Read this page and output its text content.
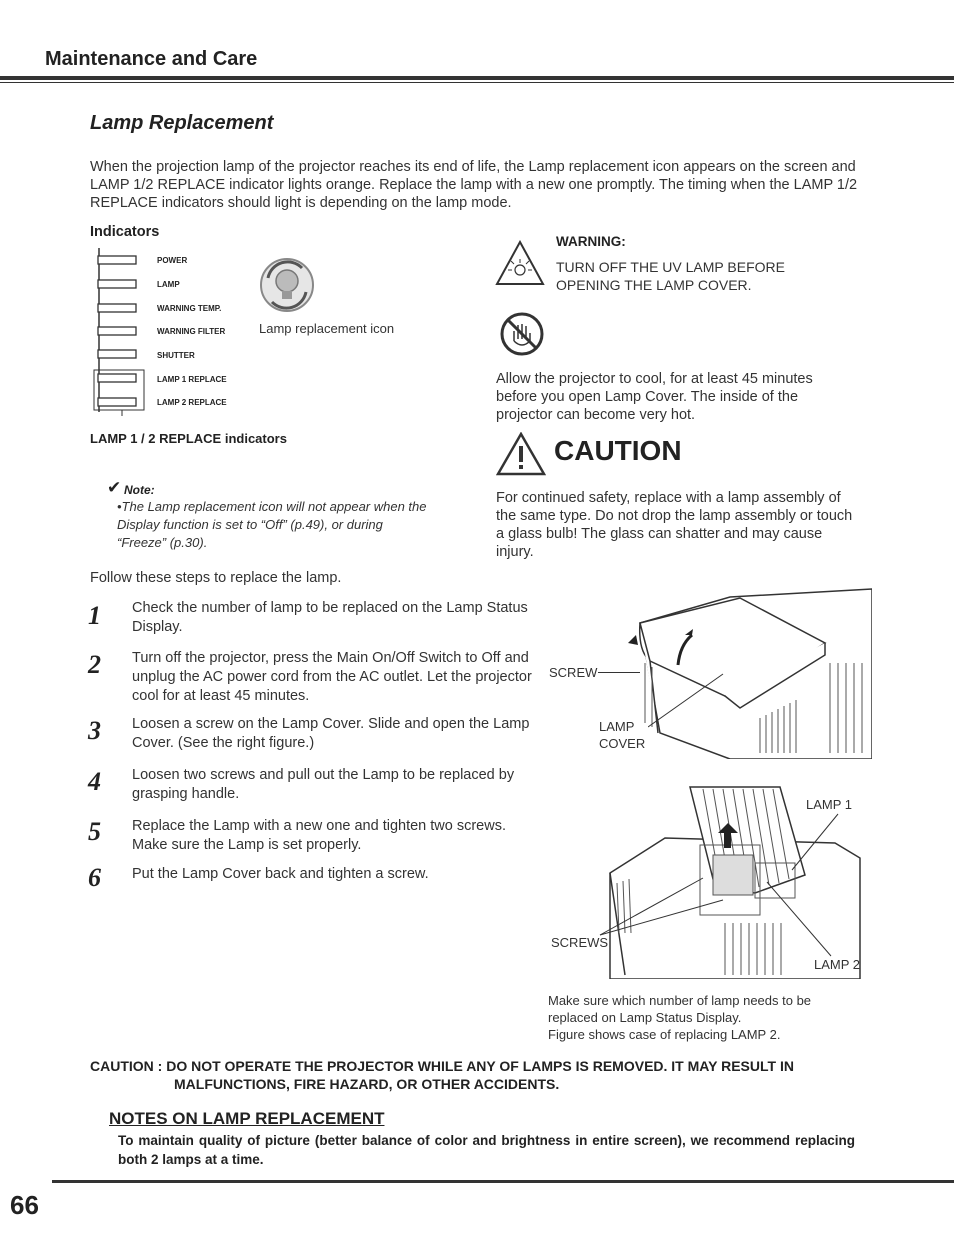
Maintenance and Care
Lamp Replacement
When the projection lamp of the projector reaches its end of life, the Lamp replacement icon appears on the screen and LAMP 1/2 REPLACE indicator lights orange. Replace the lamp with a new one promptly. The timing when the LAMP 1/2 REPLACE indicators should light is depending on the lamp mode.
Indicators
POWER
LAMP
WARNING TEMP.
WARNING FILTER
SHUTTER
LAMP 1 REPLACE
LAMP 2 REPLACE
Lamp replacement icon
LAMP 1 / 2 REPLACE indicators
✔ Note:
•The Lamp replacement icon will not appear when the Display function is set to “Off” (p.49), or during “Freeze” (p.30).
Follow these steps to replace the lamp.
WARNING:
TURN OFF THE UV LAMP BEFORE OPENING THE LAMP COVER.
Allow the projector to cool, for at least 45 minutes before you open Lamp Cover. The inside of the projector can become very hot.
CAUTION
For continued safety, replace with a lamp assembly of the same type. Do not drop the lamp assembly or touch a glass bulb! The glass can shatter and may cause injury.
1 Check the number of lamp to be replaced on the Lamp Status Display.
2 Turn off the projector, press the Main On/Off Switch to Off and unplug the AC power cord from the AC outlet. Let the projector cool for at least 45 minutes.
3 Loosen a screw on the Lamp Cover. Slide and open the Lamp Cover. (See the right figure.)
4 Loosen two screws and pull out the Lamp to be replaced by grasping handle.
5 Replace the Lamp with a new one and tighten two screws. Make sure the Lamp is set properly.
6 Put the Lamp Cover back and tighten a screw.
SCREW
LAMP
COVER
LAMP 1
SCREWS
LAMP 2
Make sure which number of lamp needs to be
replaced on Lamp Status Display.
Figure shows case of replacing LAMP 2.
CAUTION : DO NOT OPERATE THE PROJECTOR WHILE ANY OF LAMPS IS REMOVED. IT MAY RESULT IN
MALFUNCTIONS, FIRE HAZARD, OR OTHER ACCIDENTS.
NOTES ON LAMP REPLACEMENT
To maintain quality of picture (better balance of color and brightness in entire screen), we recommend replacing both 2 lamps at a time.
66
